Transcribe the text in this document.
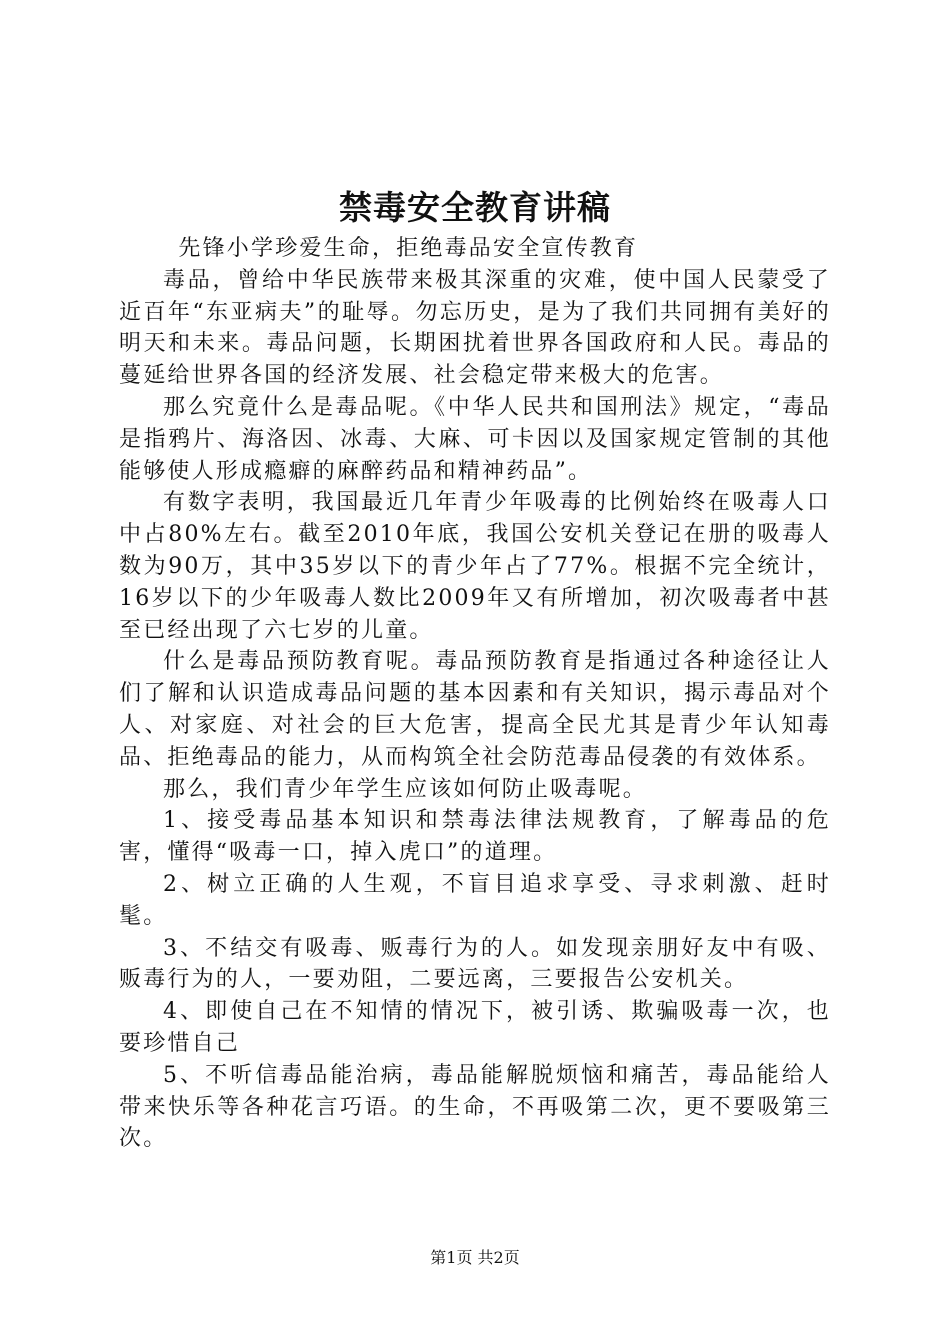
禁毒安全教育讲稿

先锋小学珍爱生命，拒绝毒品安全宣传教育

毒品，曾给中华民族带来极其深重的灾难，使中国人民蒙受了近百年“东亚病夫”的耻辱。勿忘历史，是为了我们共同拥有美好的明天和未来。毒品问题，长期困扰着世界各国政府和人民。毒品的蔓延给世界各国的经济发展、社会稳定带来极大的危害。

那么究竟什么是毒品呢。《中华人民共和国刑法》规定，“毒品是指鸦片、海洛因、冰毒、大麻、可卡因以及国家规定管制的其他能够使人形成瘾癖的麻醉药品和精神药品”。

有数字表明，我国最近几年青少年吸毒的比例始终在吸毒人口中占80%左右。截至2010年底，我国公安机关登记在册的吸毒人数为90万，其中35岁以下的青少年占了77%。根据不完全统计，16岁以下的少年吸毒人数比2009年又有所增加，初次吸毒者中甚至已经出现了六七岁的儿童。

什么是毒品预防教育呢。毒品预防教育是指通过各种途径让人们了解和认识造成毒品问题的基本因素和有关知识，揭示毒品对个人、对家庭、对社会的巨大危害，提高全民尤其是青少年认知毒品、拒绝毒品的能力，从而构筑全社会防范毒品侵袭的有效体系。

那么，我们青少年学生应该如何防止吸毒呢。

1、接受毒品基本知识和禁毒法律法规教育，了解毒品的危害，懂得“吸毒一口，掉入虎口”的道理。

2、树立正确的人生观，不盲目追求享受、寻求刺激、赶时髦。

3、不结交有吸毒、贩毒行为的人。如发现亲朋好友中有吸、贩毒行为的人，一要劝阻，二要远离，三要报告公安机关。

4、即使自己在不知情的情况下，被引诱、欺骗吸毒一次，也要珍惜自己

5、不听信毒品能治病，毒品能解脱烦恼和痛苦，毒品能给人带来快乐等各种花言巧语。的生命，不再吸第二次，更不要吸第三次。

第1页 共2页
